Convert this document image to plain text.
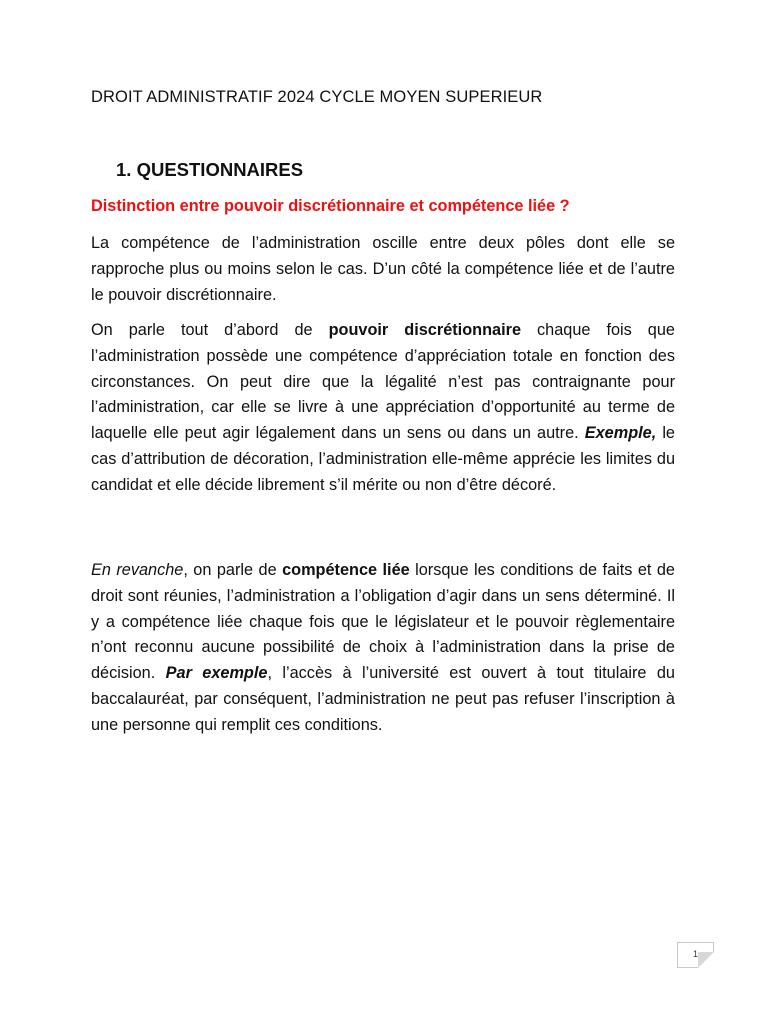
DROIT ADMINISTRATIF 2024 CYCLE MOYEN SUPERIEUR
1. QUESTIONNAIRES
Distinction entre pouvoir discrétionnaire et compétence liée ?

La compétence de l’administration oscille entre deux pôles dont elle se rapproche plus ou moins selon le cas. D’un côté la compétence liée et de l’autre le pouvoir discrétionnaire.

On parle tout d’abord de pouvoir discrétionnaire chaque fois que l’administration possède une compétence d’appréciation totale en fonction des circonstances. On peut dire que la légalité n’est pas contraignante pour l’administration, car elle se livre à une appréciation d’opportunité au terme de laquelle elle peut agir légalement dans un sens ou dans un autre. Exemple, le cas d’attribution de décoration, l’administration elle-même apprécie les limites du candidat et elle décide librement s’il mérite ou non d’être décoré.

En revanche, on parle de compétence liée lorsque les conditions de faits et de droit sont réunies, l’administration a l’obligation d’agir dans un sens déterminé. Il y a compétence liée chaque fois que le législateur et le pouvoir règlementaire n’ont reconnu aucune possibilité de choix à l’administration dans la prise de décision. Par exemple, l’accès à l’université est ouvert à tout titulaire du baccalauréat, par conséquent, l’administration ne peut pas refuser l’inscription à une personne qui remplit ces conditions.

1
